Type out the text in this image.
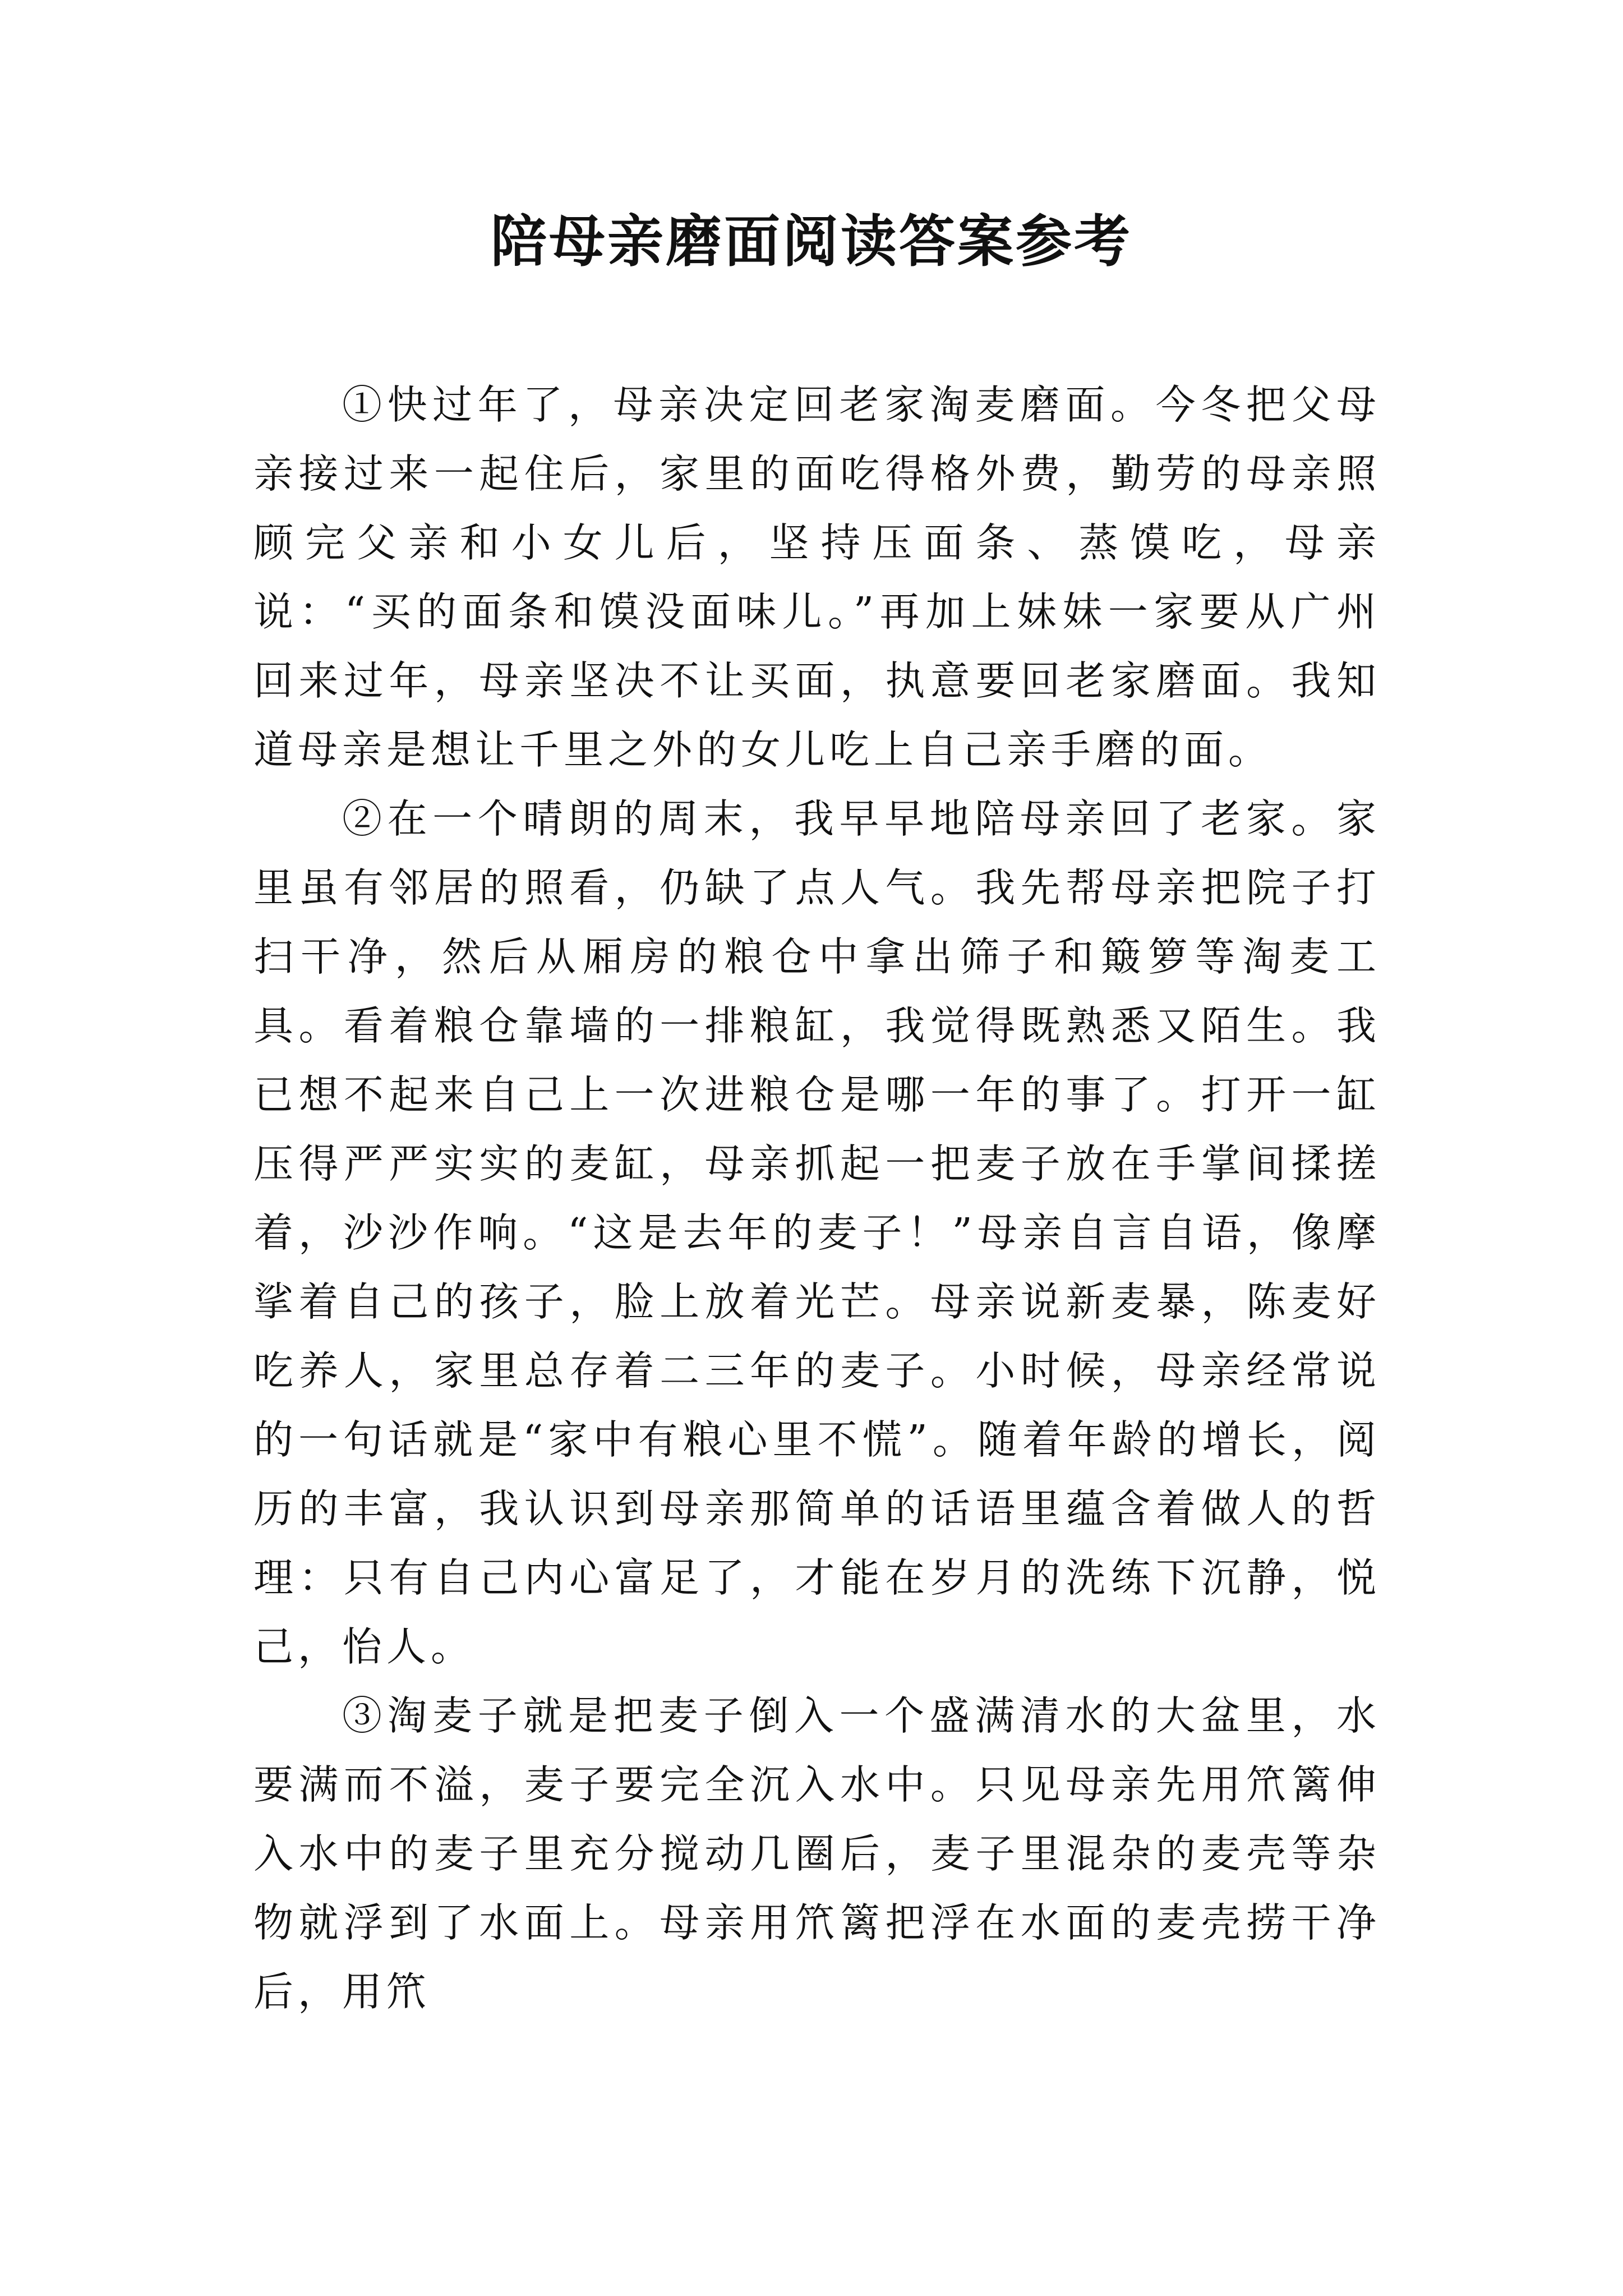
陪母亲磨面阅读答案参考

①快过年了，母亲决定回老家淘麦磨面。今冬把父母亲接过来一起住后，家里的面吃得格外费，勤劳的母亲照顾完父亲和小女儿后，坚持压面条、蒸馍吃，母亲说：“买的面条和馍没面味儿。”再加上妹妹一家要从广州回来过年，母亲坚决不让买面，执意要回老家磨面。我知道母亲是想让千里之外的女儿吃上自己亲手磨的面。

②在一个晴朗的周末，我早早地陪母亲回了老家。家里虽有邻居的照看，仍缺了点人气。我先帮母亲把院子打扫干净，然后从厢房的粮仓中拿出筛子和簸箩等淘麦工具。看着粮仓靠墙的一排粮缸，我觉得既熟悉又陌生。我已想不起来自己上一次进粮仓是哪一年的事了。打开一缸压得严严实实的麦缸，母亲抓起一把麦子放在手掌间揉搓着，沙沙作响。“这是去年的麦子！”母亲自言自语，像摩挲着自己的孩子，脸上放着光芒。母亲说新麦暴，陈麦好吃养人，家里总存着二三年的麦子。小时候，母亲经常说的一句话就是“家中有粮心里不慌”。随着年龄的增长，阅历的丰富，我认识到母亲那简单的话语里蕴含着做人的哲理：只有自己内心富足了，才能在岁月的洗练下沉静，悦己，怡人。

③淘麦子就是把麦子倒入一个盛满清水的大盆里，水要满而不溢，麦子要完全沉入水中。只见母亲先用笊篱伸入水中的麦子里充分搅动几圈后，麦子里混杂的麦壳等杂物就浮到了水面上。母亲用笊篱把浮在水面的麦壳捞干净后，用笊
